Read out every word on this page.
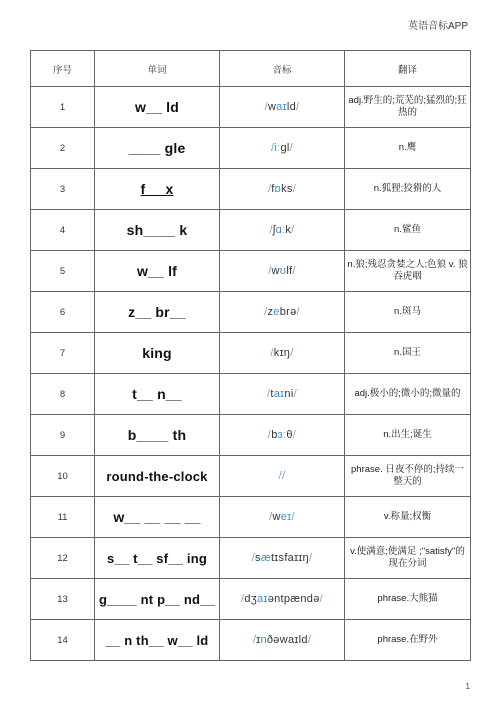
英语音标APP
序号	单词	音标	翻译
1	w__ ld	/waɪld/	adj.野生的;荒芜的;猛烈的;狂热的
2	____ gle	/iːgl/	n.鹰
3	f__ x	/fɒks/	n.狐狸;狡猾的人
4	sh____ k	/ʃɑːk/	n.鲨鱼
5	w__ lf	/wʊlf/	n.狼;残忍贪婪之人;色狼 v. 狼吞虎咽
6	z__ br__	/zebrə/	n.斑马
7	king	/kɪŋ/	n.国王
8	t__ n__	/taɪni/	adj.极小的;微小的;微量的
9	b____ th	/bɜːθ/	n.出生;诞生
10	round-the-clock	//	phrase. 日夜不停的;持续一整天的
11	w__ __ __ __	/weɪ/	v.称量;权衡
12	s__ t__ sf__ ing	/sætɪsfaɪɪŋ/	v.使满意;使满足 ;"satisfy"的现在分词
13	g____ nt p__ nd__	/dʒaɪəntpændə/	phrase.大熊猫
14	__ n th__ w__ ld	/ɪnðəwaɪld/	phrase.在野外
1
